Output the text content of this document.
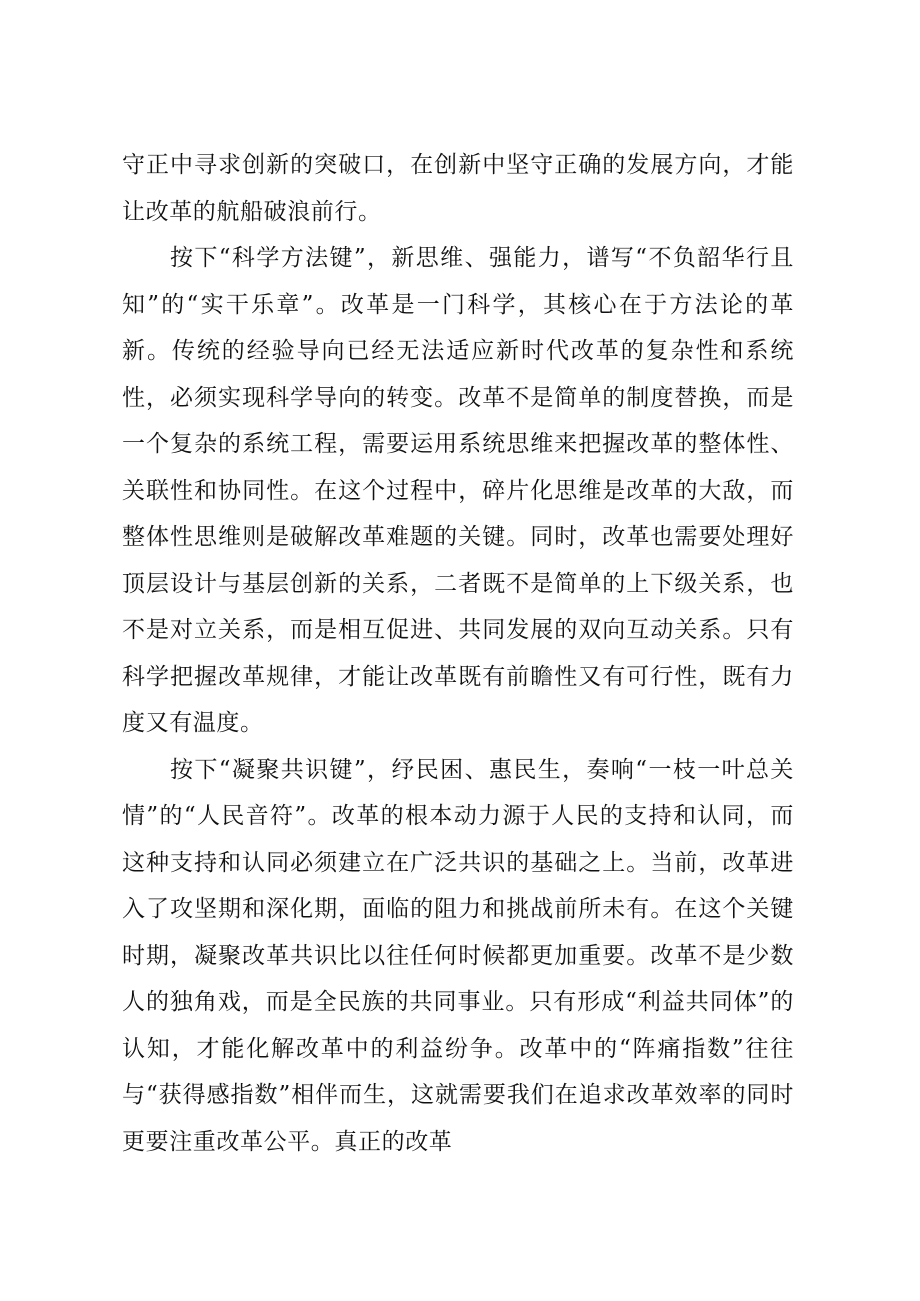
守正中寻求创新的突破口，在创新中坚守正确的发展方向，才能让改革的航船破浪前行。

按下“科学方法键”，新思维、强能力，谱写“不负韶华行且知”的“实干乐章”。改革是一门科学，其核心在于方法论的革新。传统的经验导向已经无法适应新时代改革的复杂性和系统性，必须实现科学导向的转变。改革不是简单的制度替换，而是一个复杂的系统工程，需要运用系统思维来把握改革的整体性、关联性和协同性。在这个过程中，碎片化思维是改革的大敌，而整体性思维则是破解改革难题的关键。同时，改革也需要处理好顶层设计与基层创新的关系，二者既不是简单的上下级关系，也不是对立关系，而是相互促进、共同发展的双向互动关系。只有科学把握改革规律，才能让改革既有前瞻性又有可行性，既有力度又有温度。

按下“凝聚共识键”，纾民困、惠民生，奏响“一枝一叶总关情”的“人民音符”。改革的根本动力源于人民的支持和认同，而这种支持和认同必须建立在广泛共识的基础之上。当前，改革进入了攻坚期和深化期，面临的阻力和挑战前所未有。在这个关键时期，凝聚改革共识比以往任何时候都更加重要。改革不是少数人的独角戏，而是全民族的共同事业。只有形成“利益共同体”的认知，才能化解改革中的利益纷争。改革中的“阵痛指数”往往与“获得感指数”相伴而生，这就需要我们在追求改革效率的同时更要注重改革公平。真正的改革
